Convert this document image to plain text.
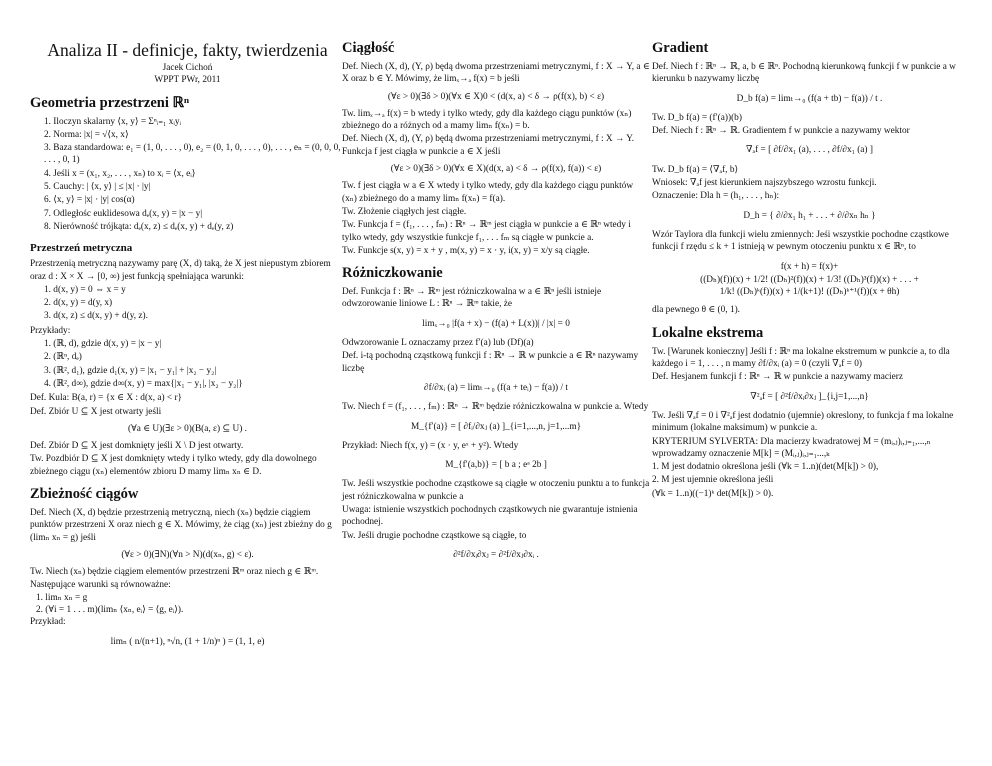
Analiza II - definicje, fakty, twierdzenia
Jacek Cichoń
WPPT PWr, 2011
Geometria przestrzeni ℝⁿ
1. Iloczyn skalarny ⟨x, y⟩ = Σⁿᵢ₌₁ xᵢyᵢ
2. Norma: |x| = √⟨x, x⟩
3. Baza standardowa: e₁ = (1, 0, . . . , 0), e₂ = (0, 1, 0, . . . , 0), . . . , eₙ = (0, 0, 0, . . . , 0, 1)
4. Jeśli x = (x₁, x₂, . . . , xₙ) to xᵢ = ⟨x, eᵢ⟩
5. Cauchy: | ⟨x, y⟩ | ≤ |x| · |y|
6. ⟨x, y⟩ = |x| · |y| cos(α)
7. Odległośc euklidesowa dₑ(x, y) = |x − y|
8. Nierówność trójkąta: dₑ(x, z) ≤ dₑ(x, y) + dₑ(y, z)
Przestrzeń metryczna
Przestrzenią metryczną nazywamy parę (X, d) taką, że X jest niepustym zbiorem oraz d : X × X → [0, ∞) jest funkcją spełniająca warunki:
1. d(x, y) = 0 ⇔ x = y
2. d(x, y) = d(y, x)
3. d(x, z) ≤ d(x, y) + d(y, z).
Przykłady:
1. (ℝ, d), gdzie d(x, y) = |x − y|
2. (ℝⁿ, dₑ)
3. (ℝ², d₁), gdzie d₁(x, y) = |x₁ − y₁| + |x₂ − y₂|
4. (ℝ², d∞), gdzie d∞(x, y) = max{|x₁ − y₁|, |x₂ − y₂|}
Def. Kula: B(a, r) = {x ∈ X : d(x, a) < r}
Def. Zbiór U ⊆ X jest otwarty jeśli
(∀a ∈ U)(∃ε > 0)(B(a, ε) ⊆ U) .
Def. Zbiór D ⊆ X jest domknięty jeśli X \ D jest otwarty.
Tw. Pozdbiór D ⊆ X jest domknięty wtedy i tylko wtedy, gdy dla dowolnego zbieżnego ciągu (xₙ) elementów zbioru D mamy limₙ xₙ ∈ D.
Zbieżność ciągów
Def. Niech (X, d) będzie przestrzenią metryczną, niech (xₙ) będzie ciągiem punktów przestrzeni X oraz niech g ∈ X. Mówimy, że ciąg (xₙ) jest zbieżny do g (limₙ xₙ = g) jeśli
(∀ε > 0)(∃N)(∀n > N)(d(xₙ, g) < ε).
Tw. Niech (xₙ) będzie ciągiem elementów przestrzeni ℝᵐ oraz niech g ∈ ℝᵐ. Następujące warunki są równoważne:
1. limₙ xₙ = g
2. (∀i = 1 . . . m)(limₙ ⟨xₙ, eᵢ⟩ = ⟨g, eᵢ⟩).
Przykład:
limₙ ( n/(n+1), ⁿ√n, (1 + 1/n)ⁿ ) = (1, 1, e)
Ciągłość
Def. Niech (X, d), (Y, ρ) będą dwoma przestrzeniami metrycznymi, f : X → Y, a ∈ X oraz b ∈ Y. Mówimy, że limₓ→ₐ f(x) = b jeśli
(∀ε > 0)(∃δ > 0)(∀x ∈ X)0 < (d(x, a) < δ → ρ(f(x), b) < ε)
Tw. limₓ→ₐ f(x) = b wtedy i tylko wtedy, gdy dla każdego ciągu punktów (xₙ) zbieżnego do a różnych od a mamy limₙ f(xₙ) = b.
Def. Niech (X, d), (Y, ρ) będą dwoma przestrzeniami metrycznymi, f : X → Y. Funkcja f jest ciągła w punkcie a ∈ X jeśli
(∀ε > 0)(∃δ > 0)(∀x ∈ X)(d(x, a) < δ → ρ(f(x), f(a)) < ε)
Tw. f jest ciągła w a ∈ X wtedy i tylko wtedy, gdy dla każdego ciągu punktów (xₙ) zbieżnego do a mamy limₙ f(xₙ) = f(a).
Tw. Złożenie ciągłych jest ciągłe.
Tw. Funkcja f = (f₁, . . . , fₘ) : ℝⁿ → ℝᵐ jest ciągła w punkcie a ∈ ℝⁿ wtedy i tylko wtedy, gdy wszystkie funkcje f₁, . . . fₘ są ciągłe w punkcie a.
Tw. Funkcje s(x, y) = x + y , m(x, y) = x · y, i(x, y) = x/y są ciągłe.
Różniczkowanie
Def. Funkcja f : ℝⁿ → ℝᵐ jest różniczkowalna w a ∈ ℝⁿ jeśli istnieje odwzorowanie liniowe L : ℝⁿ → ℝᵐ takie, że
limₓ→₀ |f(a + x) − (f(a) + L(x))| / |x| = 0
Odwzorowanie L oznaczamy przez f′(a) lub (Df)(a)
Def. i-tą pochodną cząstkową funkcji f : ℝⁿ → ℝ w punkcie a ∈ ℝⁿ nazywamy liczbę
∂f/∂xᵢ (a) = limₜ→₀ (f(a + teᵢ) − f(a)) / t
Tw. Niech f = (f₁, . . . , fₘ) : ℝⁿ → ℝᵐ będzie różniczkowalna w punkcie a. Wtedy
M_{f′(a)} = [ ∂fᵢ/∂xⱼ (a) ]_{i=1,...,n, j=1,...m}
Przykład: Niech f(x, y) = (x · y, eˣ + y²). Wtedy
M_{f′(a,b)} = [ b a ; eᵃ 2b ]
Tw. Jeśli wszystkie pochodne cząstkowe są ciągłe w otoczeniu punktu a to funkcja jest różniczkowalna w punkcie a
Uwaga: istnienie wszystkich pochodnych cząstkowych nie gwarantuje istnienia pochodnej.
Tw. Jeśli drugie pochodne cząstkowe są ciągłe, to
∂²f/∂xᵢ∂xⱼ = ∂²f/∂xⱼ∂xᵢ .
Gradient
Def. Niech f : ℝⁿ → ℝ, a, b ∈ ℝⁿ. Pochodną kierunkową funkcji f w punkcie a w kierunku b nazywamy liczbę
D_b f(a) = limₜ→₀ (f(a + tb) − f(a)) / t .
Tw. D_b f(a) = (f′(a))(b)
Def. Niech f : ℝⁿ → ℝ. Gradientem f w punkcie a nazywamy wektor
∇ₐf = [ ∂f/∂x₁ (a), . . . , ∂f/∂x₁ (a) ]
Tw. D_b f(a) = ⟨∇ₐf, b⟩
Wniosek: ∇ₐf jest kierunkiem najszybszego wzrostu funkcji.
Oznaczenie: Dla h = (h₁, . . . , hₙ):
D_h = { ∂/∂x₁ h₁ + . . . + ∂/∂xₙ hₙ }
Wzór Taylora dla funkcji wielu zmiennych: Jeśi wszystkie pochodne cząstkowe funkcji f rzędu ≤ k + 1 istnieją w pewnym otoczeniu punktu x ∈ ℝⁿ, to
f(x + h) = f(x)+
((Dₕ)(f))(x) + 1/2! ((Dₕ)²(f))(x) + 1/3! ((Dₕ)³(f))(x) + . . . +
1/k! ((Dₕ)ᵏ(f))(x) + 1/(k+1)! ((Dₕ)ᵏ⁺¹(f))(x + θh)
dla pewnego θ ∈ (0, 1).
Lokalne ekstrema
Tw. [Warunek konieczny] Jeśli f : ℝⁿ ma lokalne ekstremum w punkcie a, to dla każdego i = 1, . . . , n mamy ∂f/∂xᵢ (a) = 0 (czyli ∇ₐf = 0)
Def. Hesjanem funkcji f : ℝⁿ → ℝ w punkcie a nazywamy macierz
∇²ₐf = [ ∂²f/∂xᵢ∂xⱼ ]_{i,j=1,...,n}
Tw. Jeśli ∇ₐf = 0 i ∇²ₐf jest dodatnio (ujemnie) okreslony, to funkcja f ma lokalne minimum (lokalne maksimum) w punkcie a.
KRYTERIUM SYLVERTA: Dla macierzy kwadratowej M = (mᵢ,ⱼ)ᵢ,ⱼ₌₁,...,ₙ wprowadzamy oznaczenie M[k] = (Mᵢ,ⱼ)ᵢ,ⱼ₌₁...,ₖ
1. M jest dodatnio określona jeśli (∀k = 1..n)(det(M[k]) > 0),
2. M jest ujemnie określona jeśli
(∀k = 1..n)((−1)ᵏ det(M[k]) > 0).
